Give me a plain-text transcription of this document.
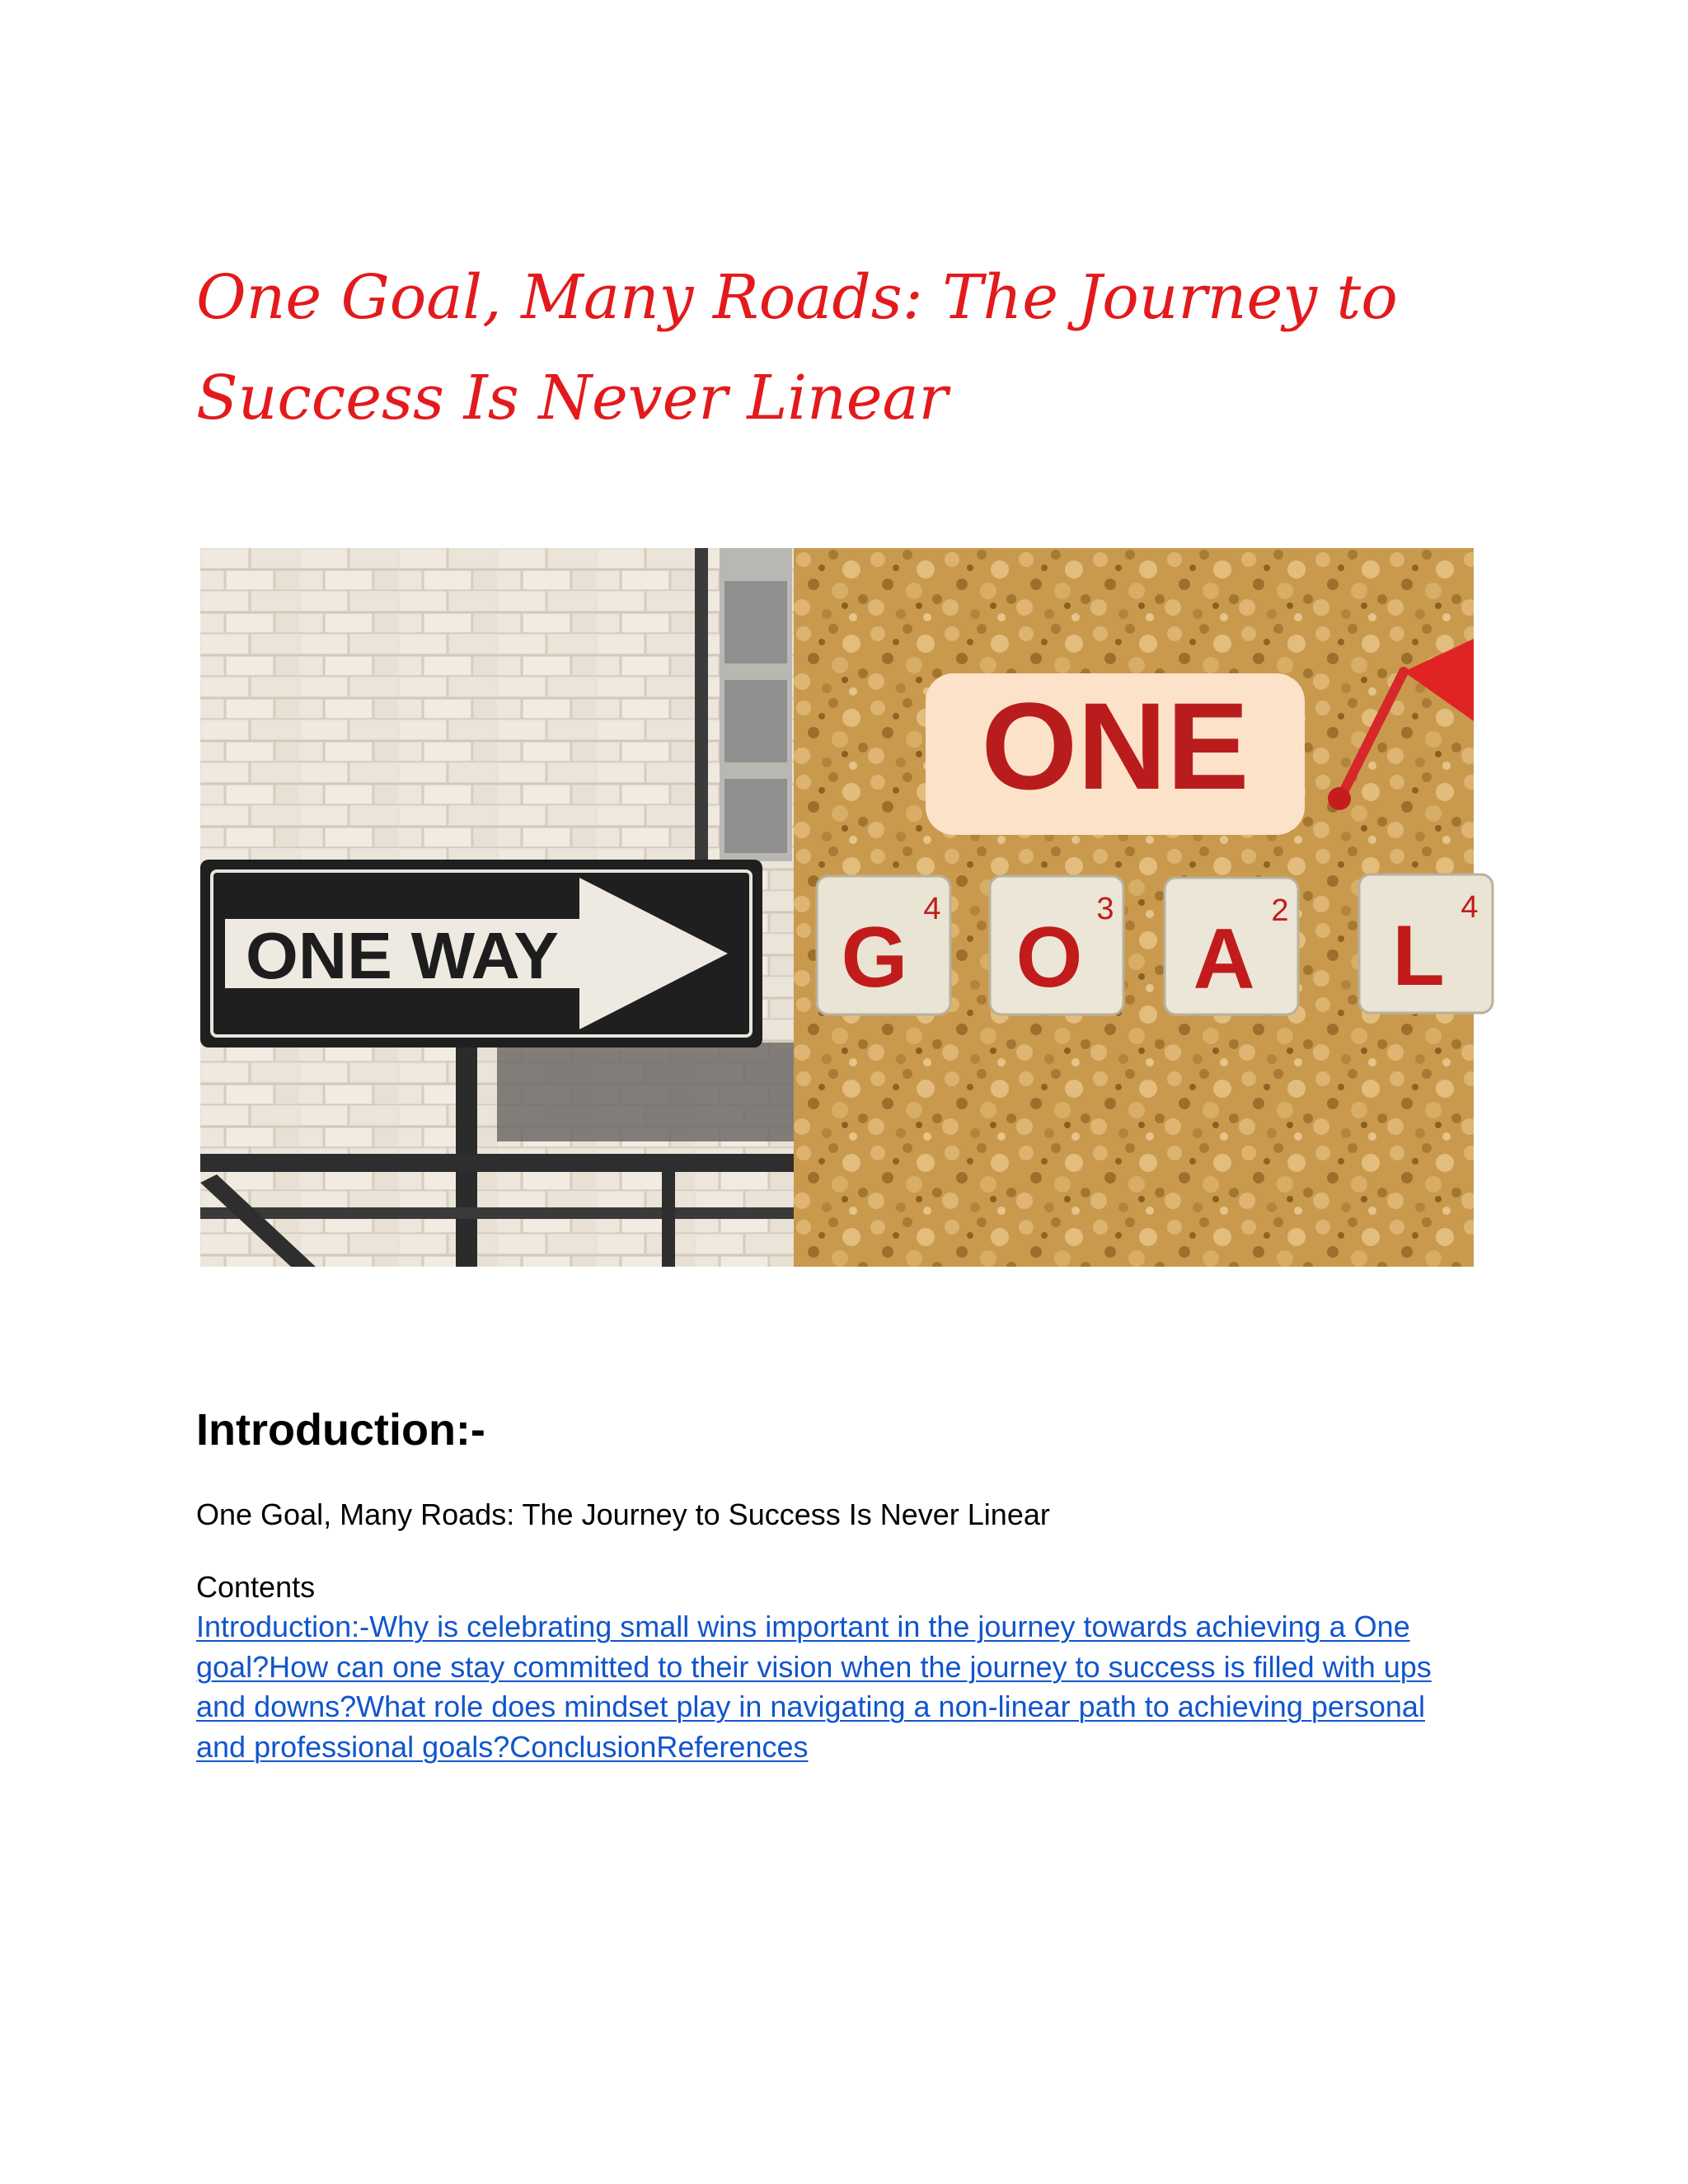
One Goal, Many Roads: The Journey to Success Is Never Linear
ONE WAY
ONE
G
4
O
3
A
2 L
4
Introduction:-

One Goal, Many Roads: The Journey to Success Is Never Linear

Contents

Introduction:-Why is celebrating small wins important in the journey towards achieving a One goal?How can one stay committed to their vision when the journey to success is filled with ups and downs?What role does mindset play in navigating a non-linear path to achieving personal and professional goals?ConclusionReferences
